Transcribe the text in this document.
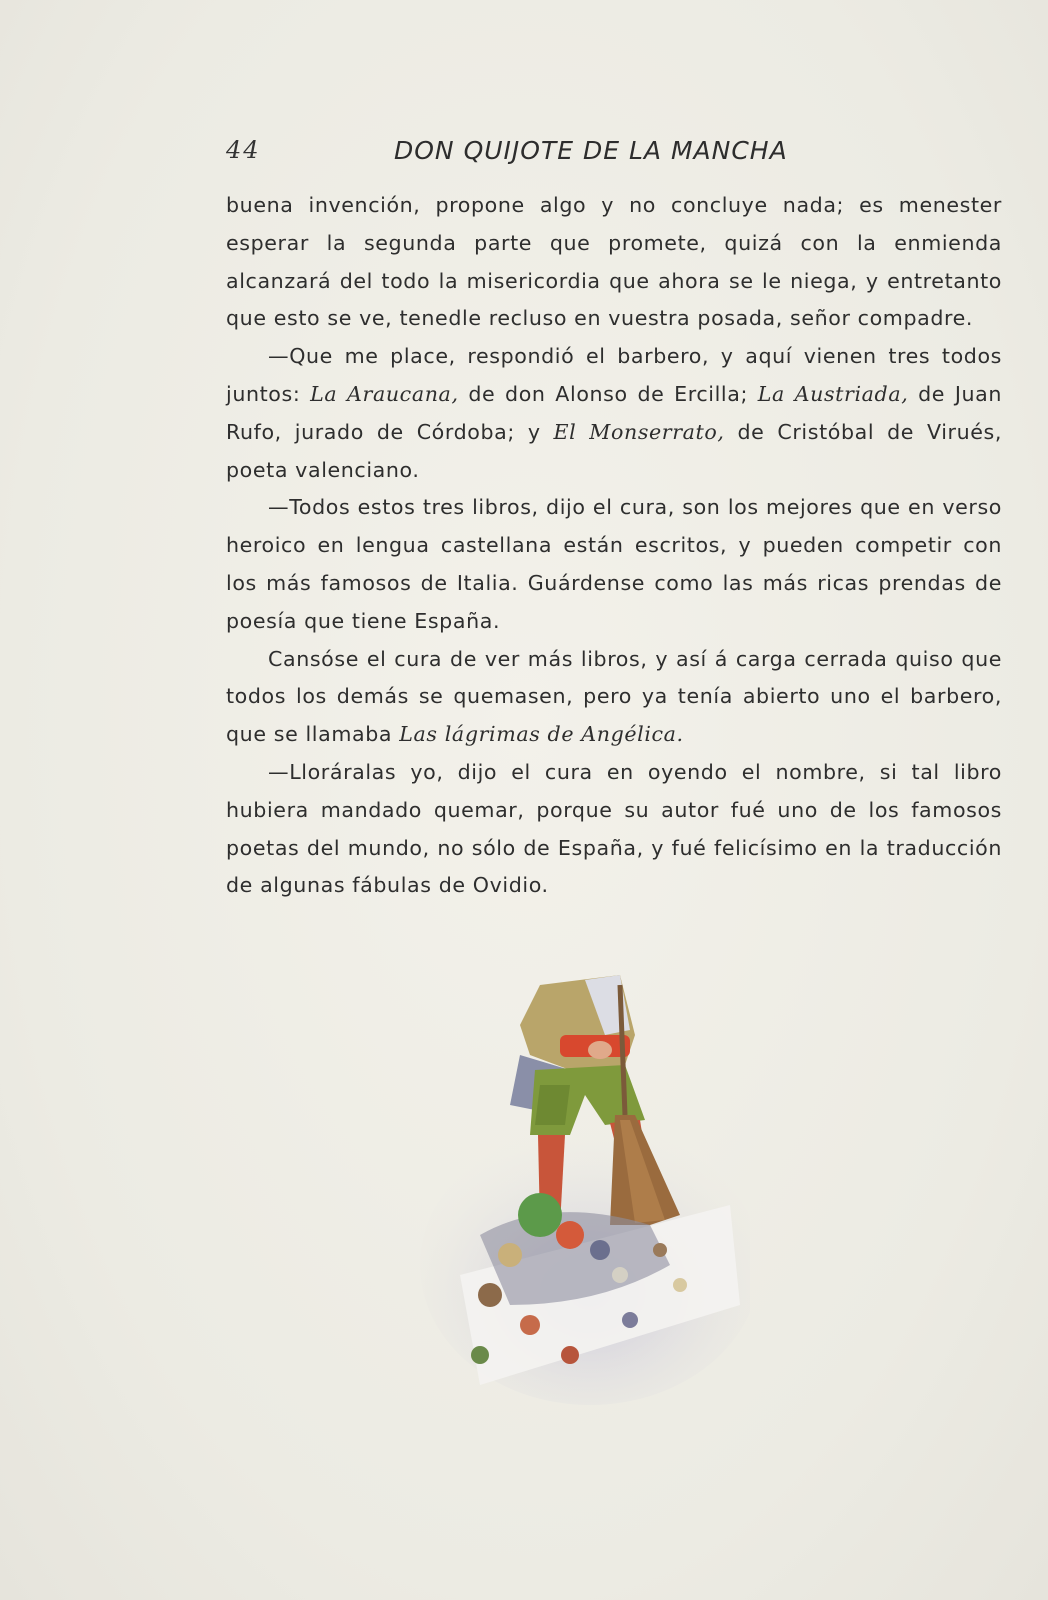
44	DON QUIJOTE DE LA MANCHA

buena invención, propone algo y no concluye nada; es menester esperar la segunda parte que promete, quizá con la enmienda alcanzará del todo la misericordia que ahora se le niega, y entretanto que esto se ve, tenedle recluso en vuestra posada, señor compadre.

—Que me place, respondió el barbero, y aquí vienen tres todos juntos: La Araucana, de don Alonso de Ercilla; La Austriada, de Juan Rufo, jurado de Córdoba; y El Monserrato, de Cristóbal de Virués, poeta valenciano.

—Todos estos tres libros, dijo el cura, son los mejores que en verso heroico en lengua castellana están escritos, y pueden competir con los más famosos de Italia. Guárdense como las más ricas prendas de poesía que tiene España.

Cansóse el cura de ver más libros, y así á carga cerrada quiso que todos los demás se quemasen, pero ya tenía abierto uno el barbero, que se llamaba Las lágrimas de Angélica.

—Lloráralas yo, dijo el cura en oyendo el nombre, si tal libro hubiera mandado quemar, porque su autor fué uno de los famosos poetas del mundo, no sólo de España, y fué felicísimo en la traducción de algunas fábulas de Ovidio.
